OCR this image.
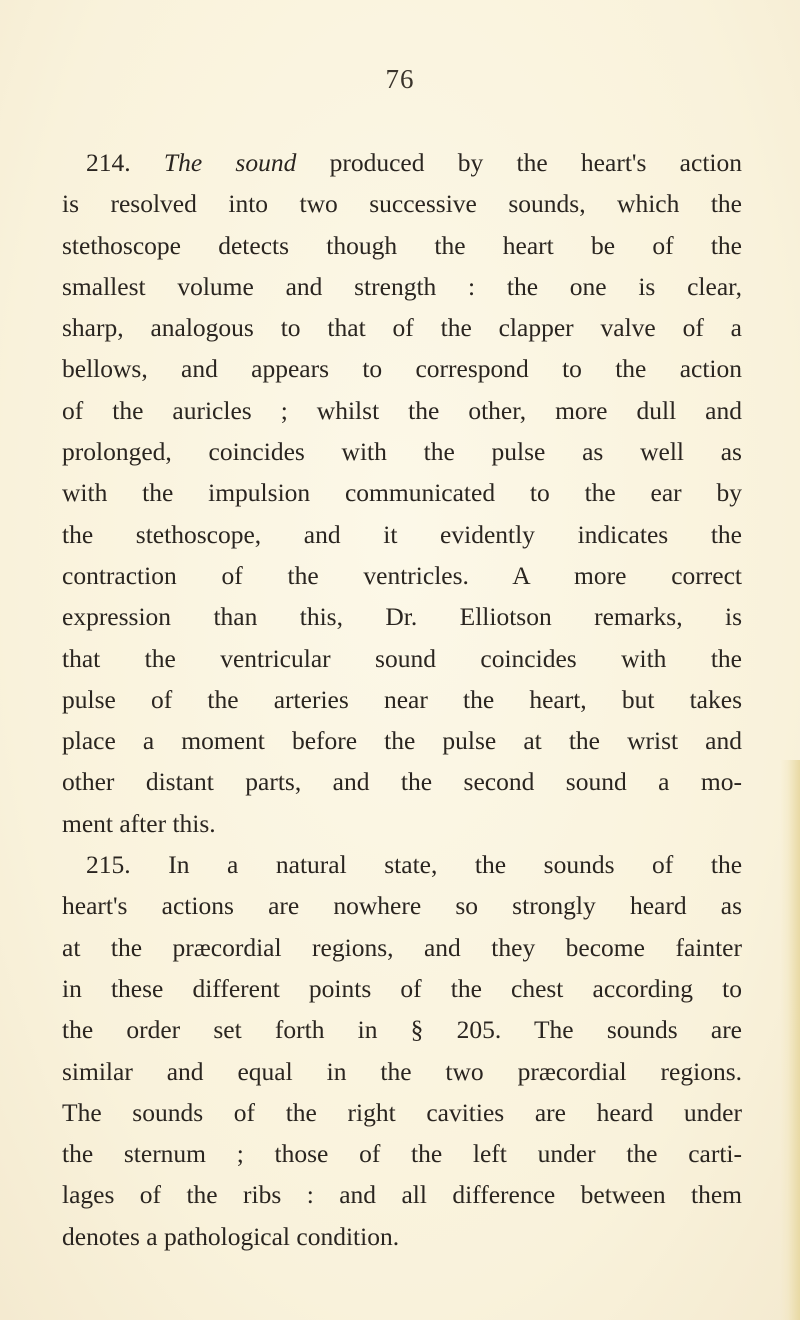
76
214. The sound produced by the heart's action
is resolved into two successive sounds, which the
stethoscope detects though the heart be of the
smallest volume and strength : the one is clear,
sharp, analogous to that of the clapper valve of a
bellows, and appears to correspond to the action
of the auricles ; whilst the other, more dull and
prolonged, coincides with the pulse as well as
with the impulsion communicated to the ear by
the stethoscope, and it evidently indicates the
contraction of the ventricles. A more correct
expression than this, Dr. Elliotson remarks, is
that the ventricular sound coincides with the
pulse of the arteries near the heart, but takes
place a moment before the pulse at the wrist and
other distant parts, and the second sound a mo-
ment after this.
215. In a natural state, the sounds of the
heart's actions are nowhere so strongly heard as
at the præcordial regions, and they become fainter
in these different points of the chest according to
the order set forth in § 205. The sounds are
similar and equal in the two præcordial regions.
The sounds of the right cavities are heard under
the sternum ; those of the left under the carti-
lages of the ribs : and all difference between them
denotes a pathological condition.
